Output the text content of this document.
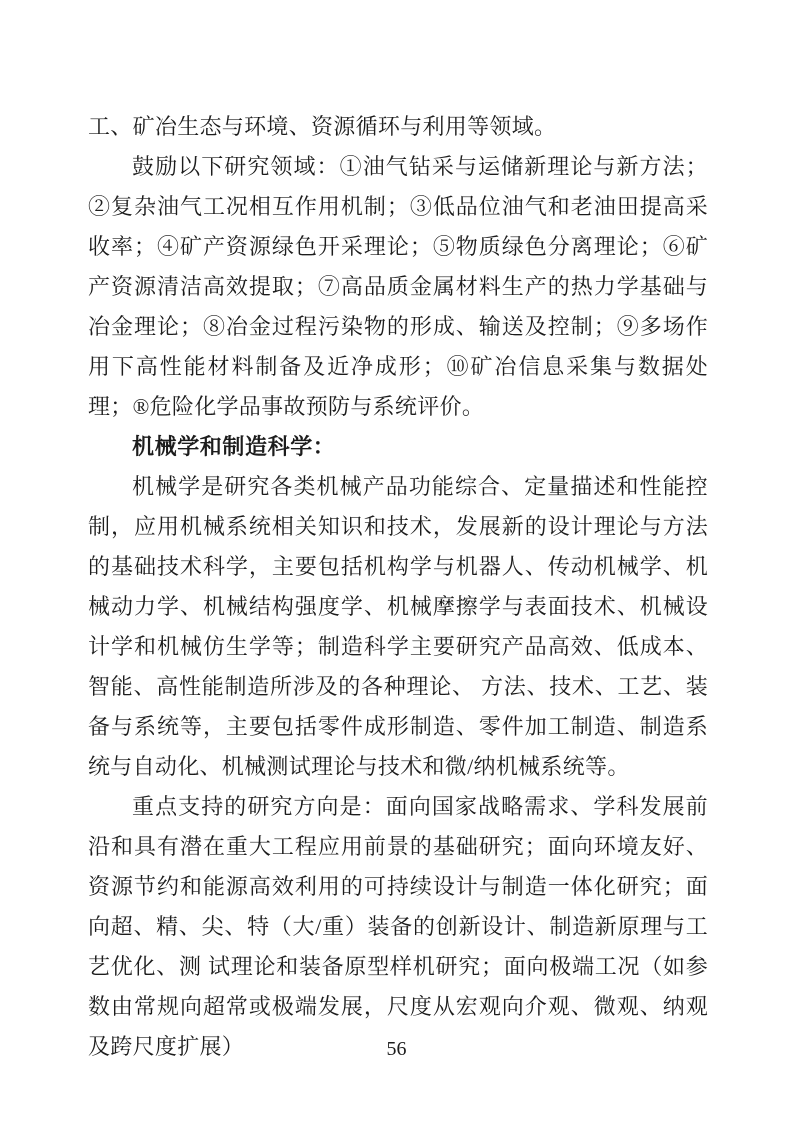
工、矿冶生态与环境、资源循环与利用等领域。

鼓励以下研究领域：①油气钻采与运储新理论与新方法；②复杂油气工况相互作用机制；③低品位油气和老油田提高采收率；④矿产资源绿色开采理论；⑤物质绿色分离理论；⑥矿产资源清洁高效提取；⑦高品质金属材料生产的热力学基础与冶金理论；⑧冶金过程污染物的形成、输送及控制；⑨多场作用下高性能材料制备及近净成形；⑩矿冶信息采集与数据处理；®危险化学品事故预防与系统评价。

机械学和制造科学：

机械学是研究各类机械产品功能综合、定量描述和性能控制，应用机械系统相关知识和技术，发展新的设计理论与方法的基础技术科学，主要包括机构学与机器人、传动机械学、机械动力学、机械结构强度学、机械摩擦学与表面技术、机械设计学和机械仿生学等；制造科学主要研究产品高效、低成本、智能、高性能制造所涉及的各种理论、 方法、技术、工艺、装备与系统等，主要包括零件成形制造、零件加工制造、制造系统与自动化、机械测试理论与技术和微/纳机械系统等。

重点支持的研究方向是：面向国家战略需求、学科发展前沿和具有潜在重大工程应用前景的基础研究；面向环境友好、资源节约和能源高效利用的可持续设计与制造一体化研究；面向超、精、尖、特（大/重）装备的创新设计、制造新原理与工艺优化、测 试理论和装备原型样机研究；面向极端工况（如参数由常规向超常或极端发展，尺度从宏观向介观、微观、纳观及跨尺度扩展）	56
